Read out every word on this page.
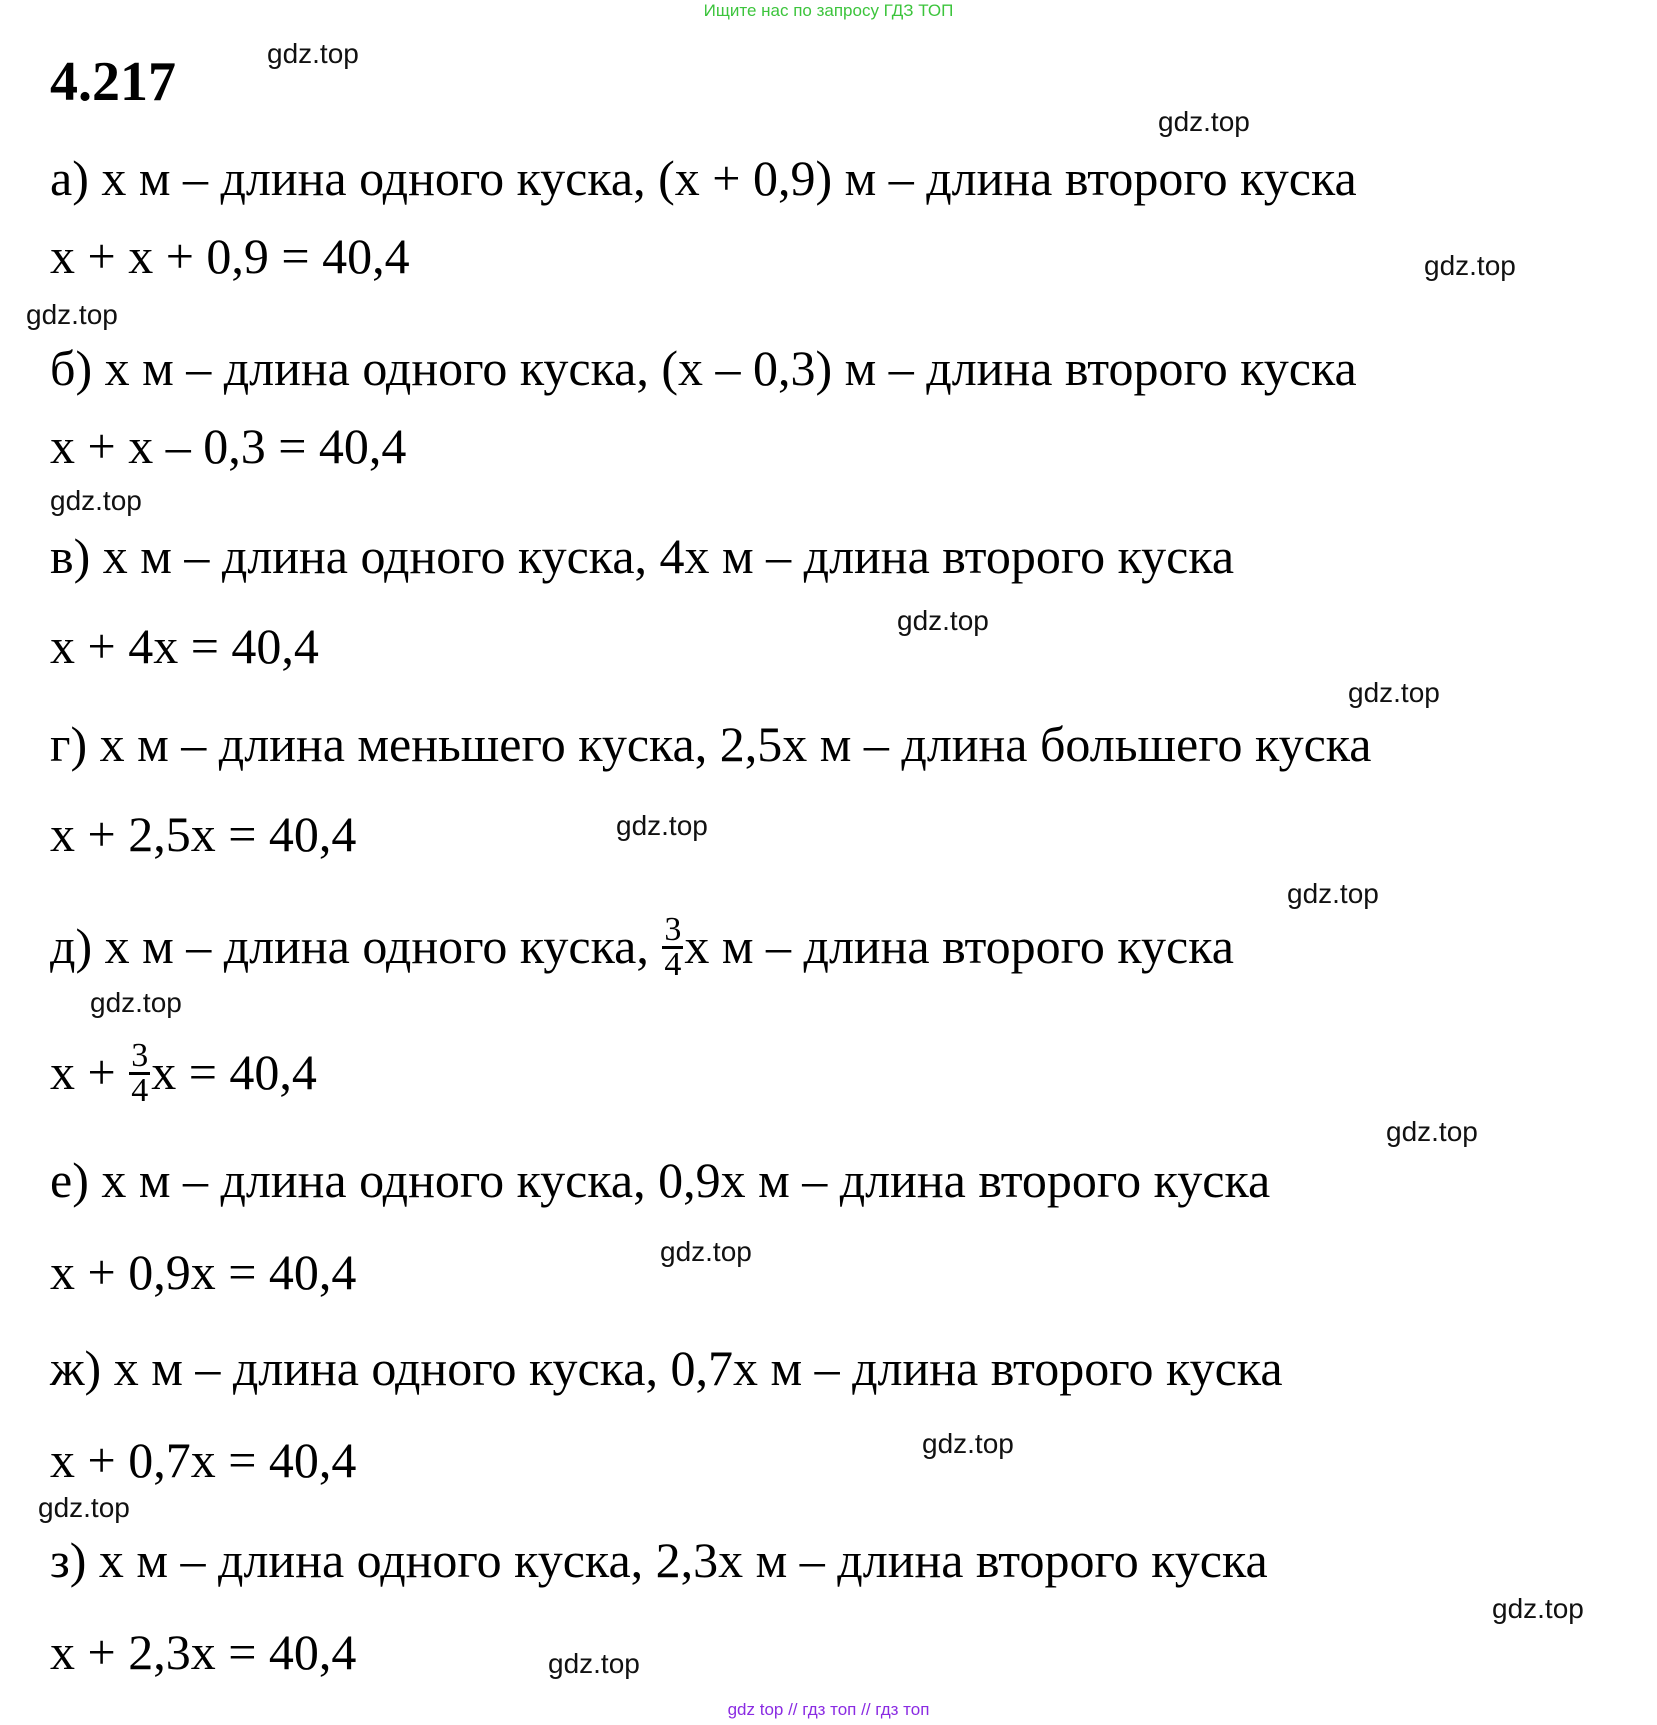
Ищите нас по запросу ГДЗ ТОП
4.217
а) х м – длина одного куска, (х + 0,9) м – длина второго куска
х + х + 0,9 = 40,4
б) х м – длина одного куска, (х – 0,3) м – длина второго куска
х + х – 0,3 = 40,4
в) х м – длина одного куска, 4х м – длина второго куска
х + 4х = 40,4
г) х м – длина меньшего куска, 2,5х м – длина большего куска
х + 2,5х = 40,4
д) х м – длина одного куска, $\frac{3}{4}$ х м – длина второго куска
$х + \frac{3}{4}$ х = 40,4
е) х м – длина одного куска, 0,9х м – длина второго куска
х + 0,9х = 40,4
ж) х м – длина одного куска, 0,7х м – длина второго куска
х + 0,7х = 40,4
з) х м – длина одного куска, 2,3х м – длина второго куска
х + 2,3х = 40,4
gdz.top
gdz.top
gdz.top
gdz.top
gdz.top
gdz.top
gdz.top
gdz.top
gdz.top
gdz.top
gdz.top
gdz.top
gdz.top
gdz.top
gdz.top
gdz.top
gdz top // гдз топ // гдз топ
